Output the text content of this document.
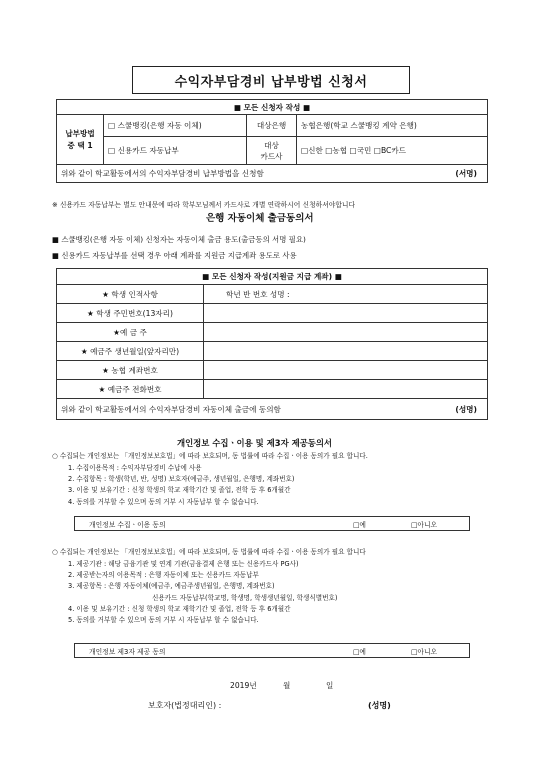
수익자부담경비 납부방법 신청서
■ 모든 신청자 작성 ■			

납부방법
중 택 1	□ 스쿨뱅킹(은행 자동 이체)	대상은행	농협은행(학교 스쿨뱅킹 계약 은행)
	□ 신용카드 자동납부	대상
카드사	□신한 □농협 □국민 □BC카드
위와 같이 학교활동에서의 수익자부담경비 납부방법을 신청함 (서명)			
※ 신용카드 자동납부는 별도 안내문에 따라 학부모님께서 카드사로 개별 연락하시어 신청하셔야합니다
은행 자동이체 출금동의서
■ 스쿨뱅킹(은행 자동 이체) 신청자는 자동이체 출금 용도(출금동의 서명 필요)
■ 신용카드 자동납부를 선택 경우 아래 계좌를 지원금 지급계좌 용도로 사용
■ 모든 신청자 작성(지원금 지급 계좌) ■	
★ 학생 인적사항	학년 반 번호 성명 :
★ 학생 주민번호(13자리)	
★예 금 주	
★ 예금주 생년월일(앞자리만)	
★ 농협 계좌번호	
★ 예금주 전화번호	
위와 같이 학교활동에서의 수익자부담경비 자동이체 출금에 동의함 (성명)	
개인정보 수집ㆍ이용 및 제3자 제공동의서
○ 수집되는 개인정보는 「개인정보보호법」에 따라 보호되며, 동 법률에 따라 수집ㆍ이용 동의가 필요 합니다.
1. 수집이용목적 : 수익자부담경비 수납에 사용
2. 수집항목 : 학생(학년, 반, 성명) 보호자(예금주, 생년월일, 은행명, 계좌번호)
3. 이용 및 보유기간 : 신청 학생의 학교 재학기간 및 졸업, 전학 등 후 6개월간
4. 동의를 거부할 수 있으며 동의 거부 시 자동납부 할 수 없습니다.
개인정보 수집ㆍ이용 동의	□예	□아니오
○ 수집되는 개인정보는 「개인정보보호법」에 따라 보호되며, 동 법률에 따라 수집ㆍ이용 동의가 필요 합니다
1. 제공기관 : 해당 금융기관 및 연계 기관(금융결제 은행 또는 신용카드사 PG사)
2. 제공받는자의 이용목적 : 은행 자동이체 또는 신용카드 자동납부
3. 제공항목 : 은행 자동이체(예금주, 예금주생년월일, 은행명, 계좌번호)
신용카드 자동납부(학교명, 학생명, 학생생년월일, 학생식별번호)
4. 이용 및 보유기간 : 신청 학생의 학교 재학기간 및 졸업, 전학 등 후 6개월간
5. 동의를 거부할 수 있으며 동의 거부 시 자동납부 할 수 없습니다.
개인정보 제3자 제공 동의	□예	□아니오
2019년	월	일
보호자(법정대리인) :	(성명)
